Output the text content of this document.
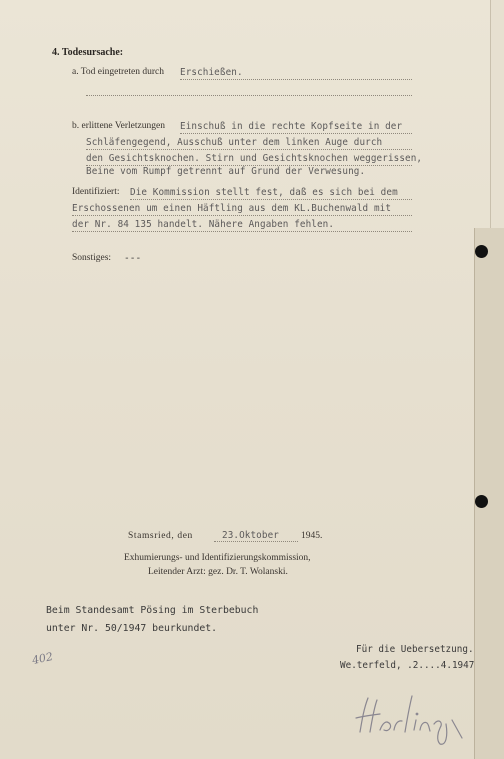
4. Todesursache:
a. Tod eingetreten durch Erschießen.
b. erlittene Verletzungen Einschuß in die rechte Kopfseite in der
Schläfengegend, Ausschuß unter dem linken Auge durch
den Gesichtsknochen. Stirn und Gesichtsknochen weggerissen,
Beine vom Rumpf getrennt auf Grund der Verwesung.
Identifiziert: Die Kommission stellt fest, daß es sich bei dem
Erschossenen um einen Häftling aus dem KL.Buchenwald mit
der Nr. 84 135 handelt. Nähere Angaben fehlen.
Sonstiges: ---
Stamsried, den	23.Oktober 1945.
Exhumierungs- und Identifizierungskommission,
Leitender Arzt: gez. Dr. T. Wolanski.
Beim Standesamt Pösing im Sterbebuch
unter Nr. 50/1947 beurkundet.
402
Für die Uebersetzung.
We.terfeld, .2....4.1947
